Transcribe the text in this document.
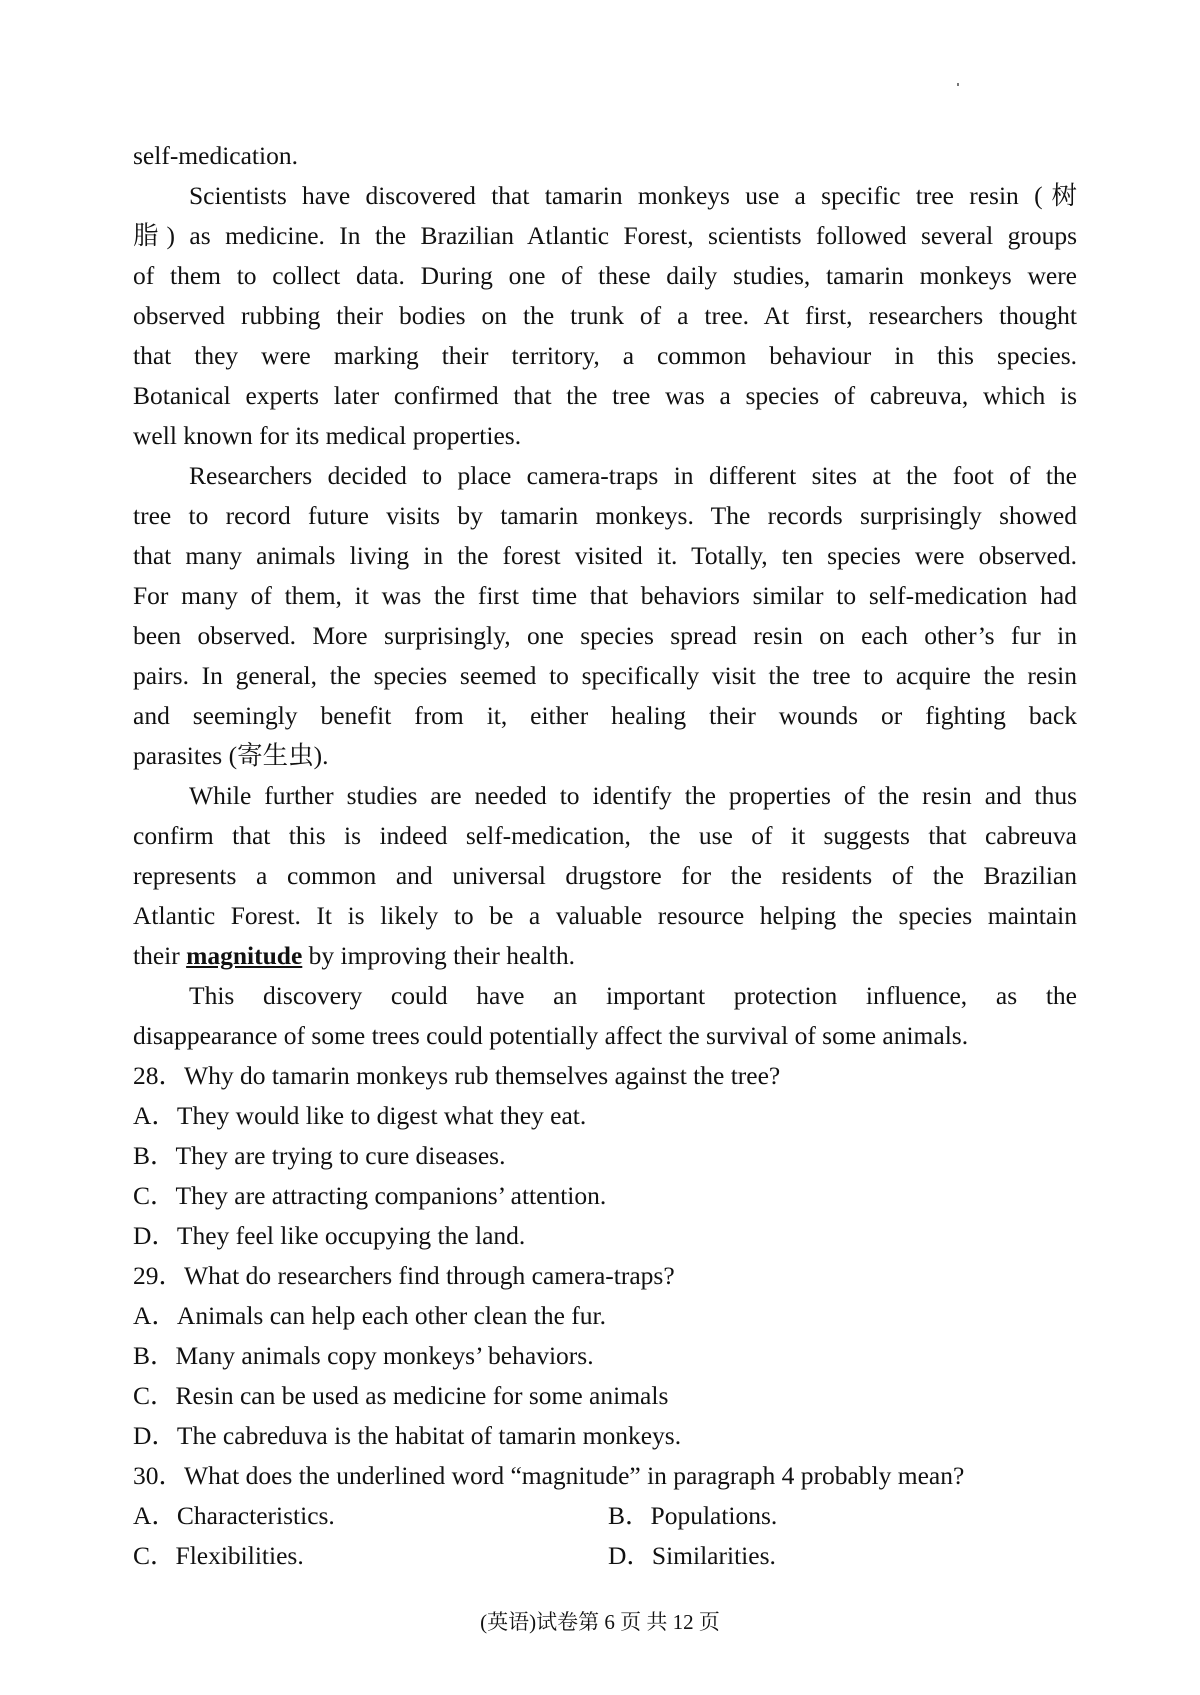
self-medication.
Scientists have discovered that tamarin monkeys use a specific tree resin (树
脂) as medicine. In the Brazilian Atlantic Forest, scientists followed several groups
of them to collect data. During one of these daily studies, tamarin monkeys were
observed rubbing their bodies on the trunk of a tree. At first, researchers thought
that they were marking their territory, a common behaviour in this species.
Botanical experts later confirmed that the tree was a species of cabreuva, which is
well known for its medical properties.
Researchers decided to place camera-traps in different sites at the foot of the
tree to record future visits by tamarin monkeys. The records surprisingly showed
that many animals living in the forest visited it. Totally, ten species were observed.
For many of them, it was the first time that behaviors similar to self-medication had
been observed. More surprisingly, one species spread resin on each other’s fur in
pairs. In general, the species seemed to specifically visit the tree to acquire the resin
and seemingly benefit from it, either healing their wounds or fighting back
parasites (寄生虫).
While further studies are needed to identify the properties of the resin and thus
confirm that this is indeed self-medication, the use of it suggests that cabreuva
represents a common and universal drugstore for the residents of the Brazilian
Atlantic Forest. It is likely to be a valuable resource helping the species maintain
their magnitude by improving their health.
This discovery could have an important protection influence, as the
disappearance of some trees could potentially affect the survival of some animals.
28．Why do tamarin monkeys rub themselves against the tree?
A．They would like to digest what they eat.
B．They are trying to cure diseases.
C．They are attracting companions’ attention.
D．They feel like occupying the land.
29．What do researchers find through camera-traps?
A．Animals can help each other clean the fur.
B．Many animals copy monkeys’ behaviors.
C．Resin can be used as medicine for some animals
D．The cabreduva is the habitat of tamarin monkeys.
30．What does the underlined word “magnitude” in paragraph 4 probably mean?
A．Characteristics.	B．Populations.
C．Flexibilities.	D．Similarities.
(英语)试卷第 6 页 共 12 页
